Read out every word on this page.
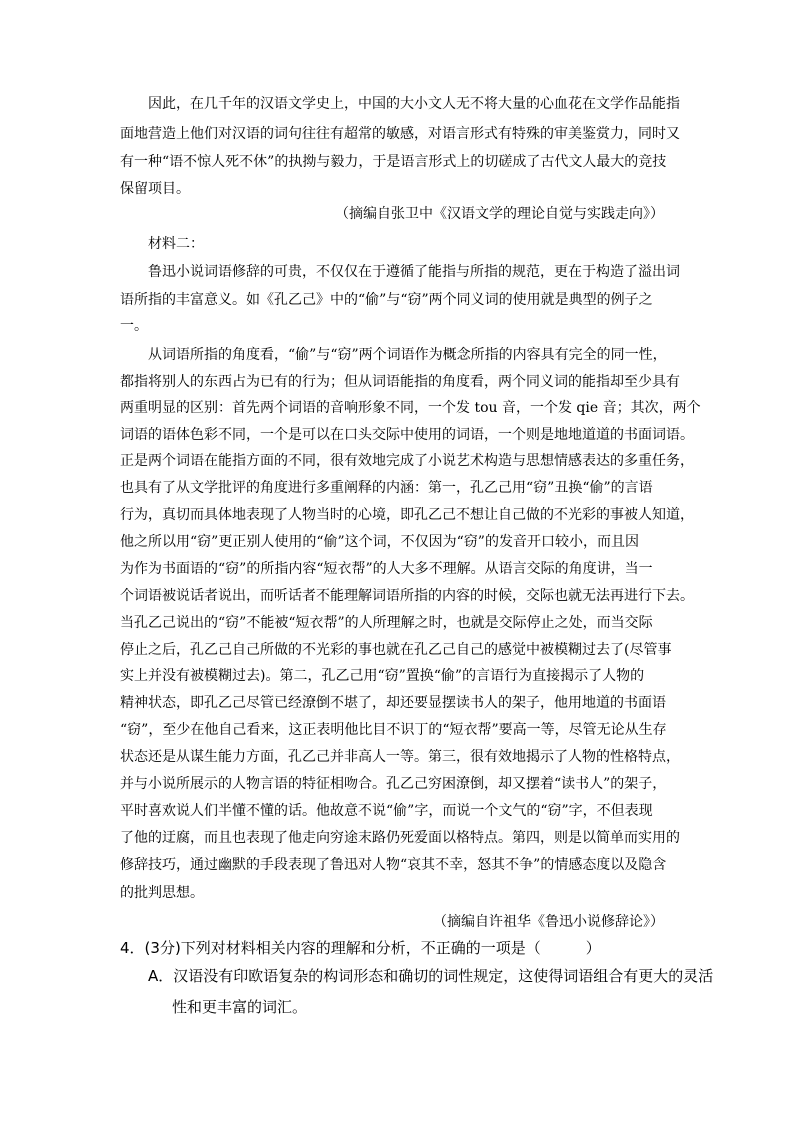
因此，在几千年的汉语文学史上，中国的大小文人无不将大量的心血花在文学作品能指
面地营造上他们对汉语的词句往往有超常的敏感，对语言形式有特殊的审美鉴赏力，同时又
有一种“语不惊人死不休”的执拗与毅力，于是语言形式上的切磋成了古代文人最大的竞技
保留项目。
（摘编自张卫中《汉语文学的理论自觉与实践走向》）
材料二：
鲁迅小说词语修辞的可贵，不仅仅在于遵循了能指与所指的规范，更在于构造了溢出词
语所指的丰富意义。如《孔乙己》中的“偷”与“窃”两个同义词的使用就是典型的例子之
一。
从词语所指的角度看，“偷”与“窃”两个词语作为概念所指的内容具有完全的同一性，
都指将别人的东西占为已有的行为；但从词语能指的角度看，两个同义词的能指却至少具有
两重明显的区别：首先两个词语的音响形象不同，一个发 tou 音，一个发 qie 音；其次，两个
词语的语体色彩不同，一个是可以在口头交际中使用的词语，一个则是地地道道的书面词语。
正是两个词语在能指方面的不同，很有效地完成了小说艺术构造与思想情感表达的多重任务，
也具有了从文学批评的角度进行多重阐释的内涵：第一，孔乙己用“窃”丑换“偷”的言语
行为，真切而具体地表现了人物当时的心境，即孔乙己不想让自己做的不光彩的事被人知道，
他之所以用“窃”更正别人使用的“偷”这个词，不仅因为“窃”的发音开口较小，而且因
为作为书面语的“窃”的所指内容“短衣帮”的人大多不理解。从语言交际的角度讲，当一
个词语被说话者说出，而听话者不能理解词语所指的内容的时候，交际也就无法再进行下去。
当孔乙己说出的“窃”不能被“短衣帮”的人所理解之时，也就是交际停止之处，而当交际
停止之后，孔乙己自己所做的不光彩的事也就在孔乙己自己的感觉中被模糊过去了(尽管事
实上并没有被模糊过去)。第二，孔乙己用“窃”置换“偷”的言语行为直接揭示了人物的
精神状态，即孔乙己尽管已经潦倒不堪了，却还要显摆读书人的架子，他用地道的书面语
“窃”，至少在他自己看来，这正表明他比目不识丁的“短衣帮”要高一等，尽管无论从生存
状态还是从谋生能力方面，孔乙己并非高人一等。第三，很有效地揭示了人物的性格特点，
并与小说所展示的人物言语的特征相吻合。孔乙己穷困潦倒，却又摆着“读书人”的架子，
平时喜欢说人们半懂不懂的话。他故意不说“偷”字，而说一个文气的“窃”字，不但表现
了他的迂腐，而且也表现了他走向穷途末路仍死爱面以格特点。第四，则是以简单而实用的
修辞技巧，通过幽默的手段表现了鲁迅对人物“哀其不幸，怒其不争”的情感态度以及隐含
的批判思想。
（摘编自许祖华《鲁迅小说修辞论》）
4．(3分)下列对材料相关内容的理解和分析，不正确的一项是（　　　）
A．汉语没有印欧语复杂的构词形态和确切的词性规定，这使得词语组合有更大的灵活
性和更丰富的词汇。
